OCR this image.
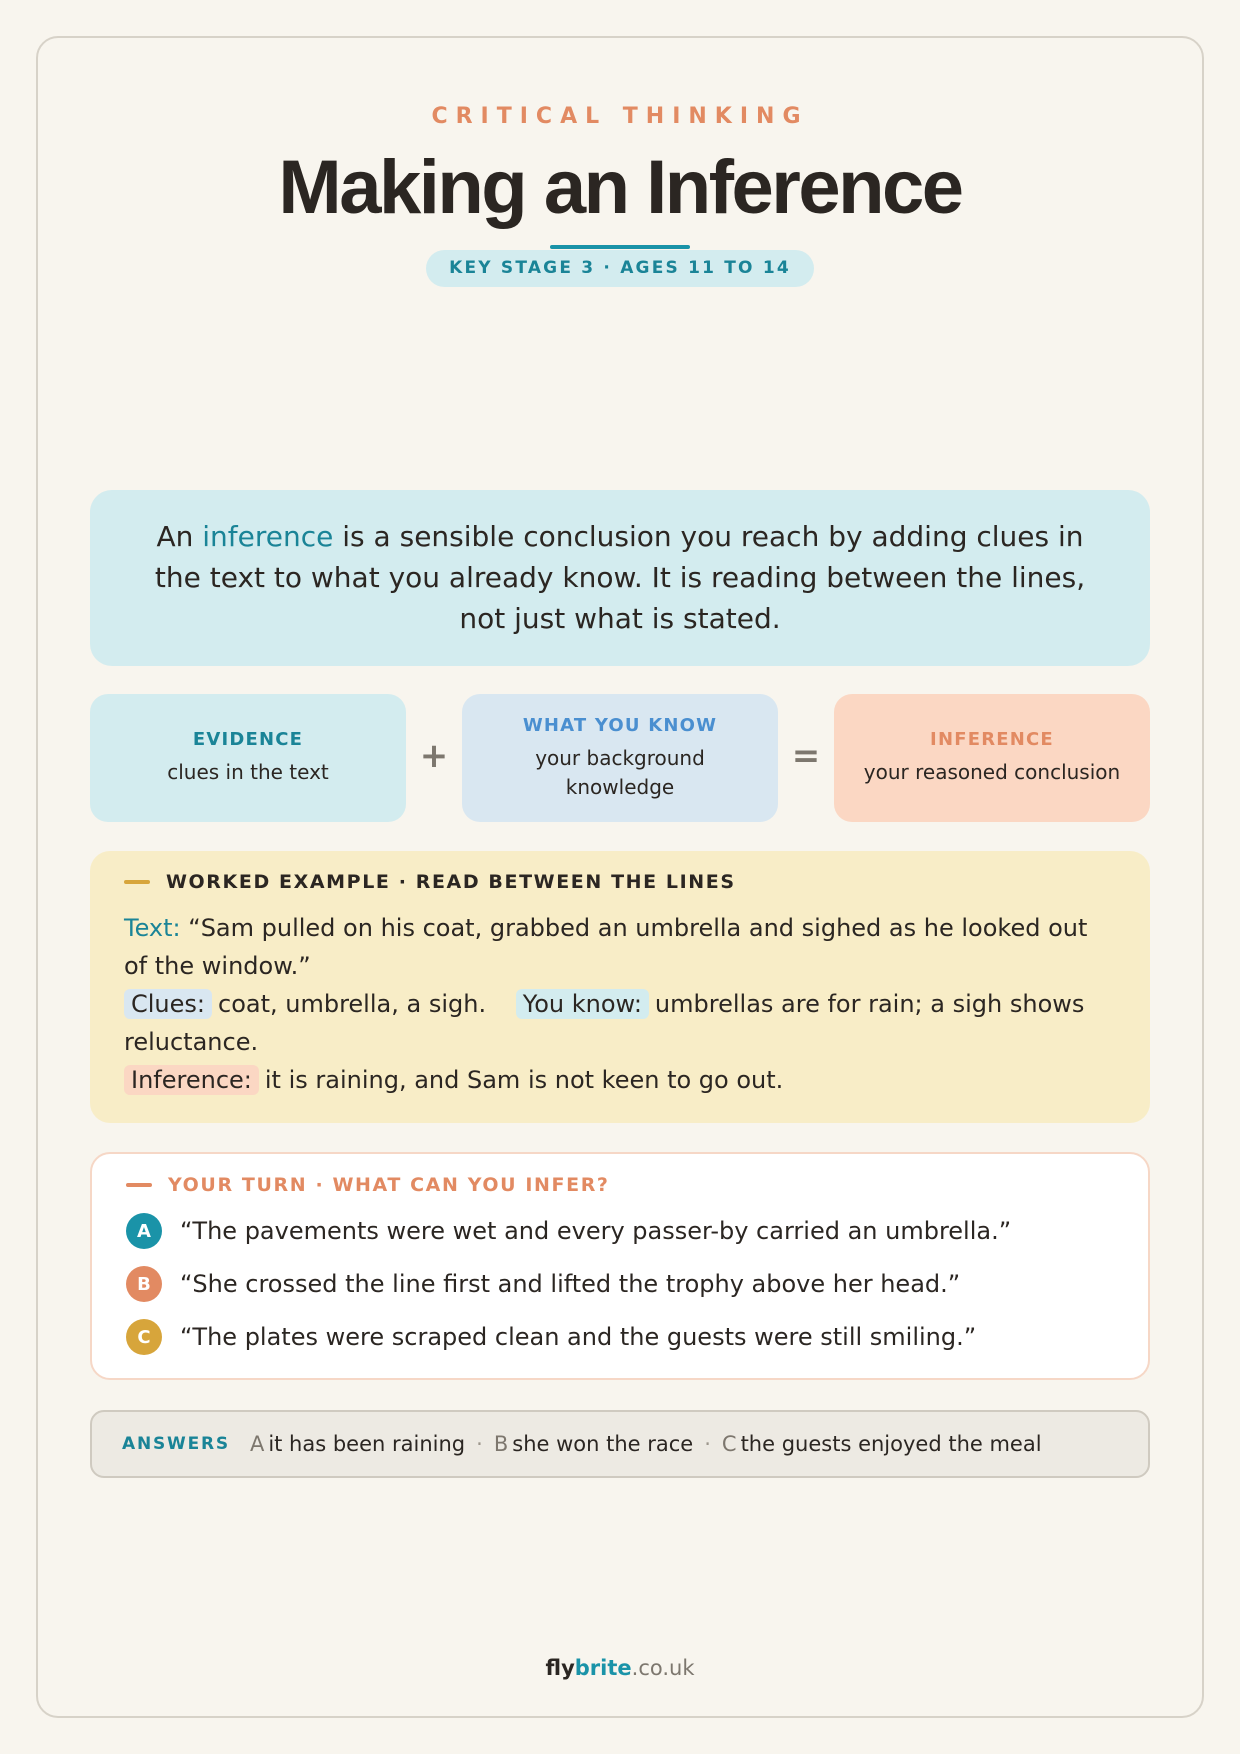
CRITICAL THINKING
Making an Inference
KEY STAGE 3 · AGES 11 TO 14
An inference is a sensible conclusion you reach by adding clues in the text to what you already know. It is reading between the lines, not just what is stated.
EVIDENCE
clues in the text	+
WHAT YOU KNOW
your background knowledge
=	INFERENCE
your reasoned conclusion
WORKED EXAMPLE · READ BETWEEN THE LINES
Text: “Sam pulled on his coat, grabbed an umbrella and sighed as he looked out of the window.”
Clues: coat, umbrella, a sigh. You know: umbrellas are for rain; a sigh shows reluctance.
Inference: it is raining, and Sam is not keen to go out.
YOUR TURN · WHAT CAN YOU INFER?
A	“The pavements were wet and every passer-by carried an umbrella.”
B	“She crossed the line first and lifted the trophy above her head.”
C	“The plates were scraped clean and the guests were still smiling.”
ANSWERS A it has been raining · B she won the race · C the guests enjoyed the meal
flybrite.co.uk
